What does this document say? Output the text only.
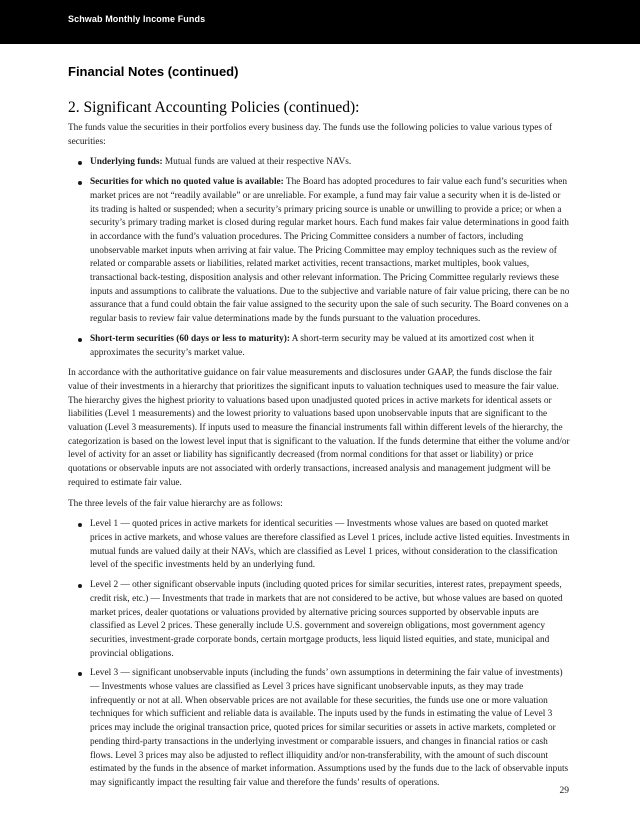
Schwab Monthly Income Funds
Financial Notes (continued)
2. Significant Accounting Policies (continued):

The funds value the securities in their portfolios every business day. The funds use the following policies to value various types of securities:

Underlying funds: Mutual funds are valued at their respective NAVs.
Securities for which no quoted value is available: The Board has adopted procedures to fair value each fund’s securities when market prices are not “readily available” or are unreliable. For example, a fund may fair value a security when it is de-listed or its trading is halted or suspended; when a security’s primary pricing source is unable or unwilling to provide a price; or when a security’s primary trading market is closed during regular market hours. Each fund makes fair value determinations in good faith in accordance with the fund’s valuation procedures. The Pricing Committee considers a number of factors, including unobservable market inputs when arriving at fair value. The Pricing Committee may employ techniques such as the review of related or comparable assets or liabilities, related market activities, recent transactions, market multiples, book values, transactional back-testing, disposition analysis and other relevant information. The Pricing Committee regularly reviews these inputs and assumptions to calibrate the valuations. Due to the subjective and variable nature of fair value pricing, there can be no assurance that a fund could obtain the fair value assigned to the security upon the sale of such security. The Board convenes on a regular basis to review fair value determinations made by the funds pursuant to the valuation procedures.
Short-term securities (60 days or less to maturity): A short-term security may be valued at its amortized cost when it approximates the security’s market value.

In accordance with the authoritative guidance on fair value measurements and disclosures under GAAP, the funds disclose the fair value of their investments in a hierarchy that prioritizes the significant inputs to valuation techniques used to measure the fair value. The hierarchy gives the highest priority to valuations based upon unadjusted quoted prices in active markets for identical assets or liabilities (Level 1 measurements) and the lowest priority to valuations based upon unobservable inputs that are significant to the valuation (Level 3 measurements). If inputs used to measure the financial instruments fall within different levels of the hierarchy, the categorization is based on the lowest level input that is significant to the valuation. If the funds determine that either the volume and/or level of activity for an asset or liability has significantly decreased (from normal conditions for that asset or liability) or price quotations or observable inputs are not associated with orderly transactions, increased analysis and management judgment will be required to estimate fair value.

The three levels of the fair value hierarchy are as follows:

Level 1 — quoted prices in active markets for identical securities — Investments whose values are based on quoted market prices in active markets, and whose values are therefore classified as Level 1 prices, include active listed equities. Investments in mutual funds are valued daily at their NAVs, which are classified as Level 1 prices, without consideration to the classification level of the specific investments held by an underlying fund.
Level 2 — other significant observable inputs (including quoted prices for similar securities, interest rates, prepayment speeds, credit risk, etc.) — Investments that trade in markets that are not considered to be active, but whose values are based on quoted market prices, dealer quotations or valuations provided by alternative pricing sources supported by observable inputs are classified as Level 2 prices. These generally include U.S. government and sovereign obligations, most government agency securities, investment-grade corporate bonds, certain mortgage products, less liquid listed equities, and state, municipal and provincial obligations.
Level 3 — significant unobservable inputs (including the funds’ own assumptions in determining the fair value of investments) — Investments whose values are classified as Level 3 prices have significant unobservable inputs, as they may trade infrequently or not at all. When observable prices are not available for these securities, the funds use one or more valuation techniques for which sufficient and reliable data is available. The inputs used by the funds in estimating the value of Level 3 prices may include the original transaction price, quoted prices for similar securities or assets in active markets, completed or pending third-party transactions in the underlying investment or comparable issuers, and changes in financial ratios or cash flows. Level 3 prices may also be adjusted to reflect illiquidity and/or non-transferability, with the amount of such discount estimated by the funds in the absence of market information. Assumptions used by the funds due to the lack of observable inputs may significantly impact the resulting fair value and therefore the funds’ results of operations.
29
